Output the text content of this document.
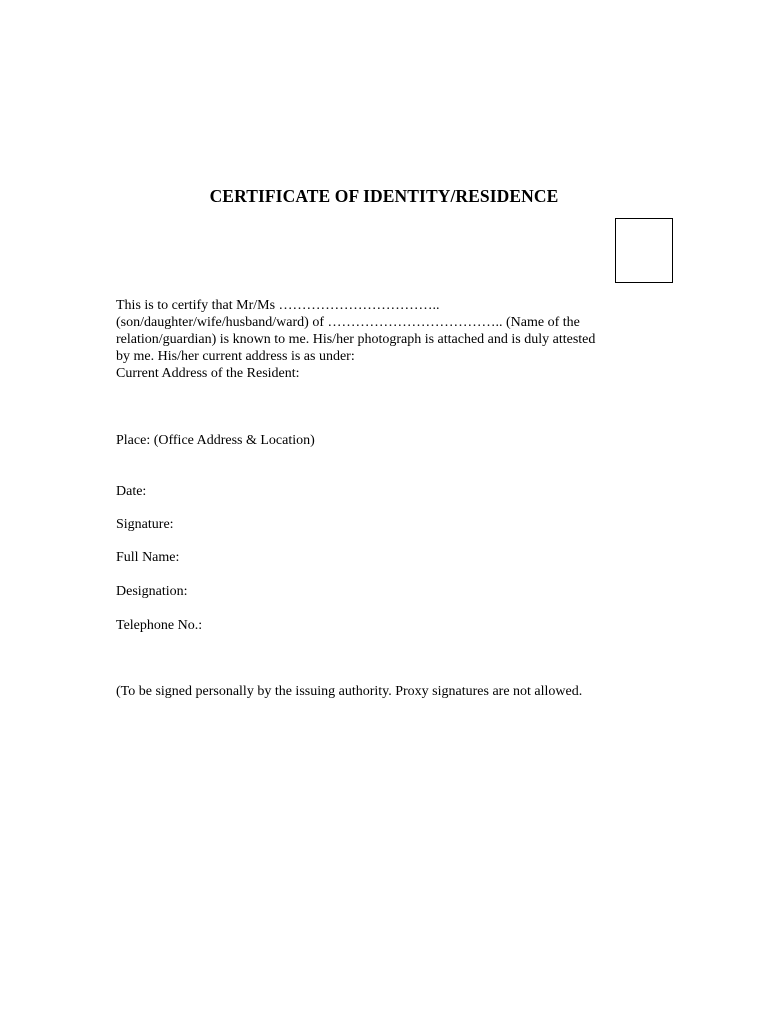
CERTIFICATE OF IDENTITY/RESIDENCE
This is to certify that Mr/Ms ……………………………..
(son/daughter/wife/husband/ward) of ……………………………….. (Name of the
relation/guardian) is known to me. His/her photograph is attached and is duly attested
by me. His/her current address is as under:
Current Address of the Resident:
Place: (Office Address & Location)
Date:
Signature:
Full Name:
Designation:
Telephone No.:
(To be signed personally by the issuing authority. Proxy signatures are not allowed.
